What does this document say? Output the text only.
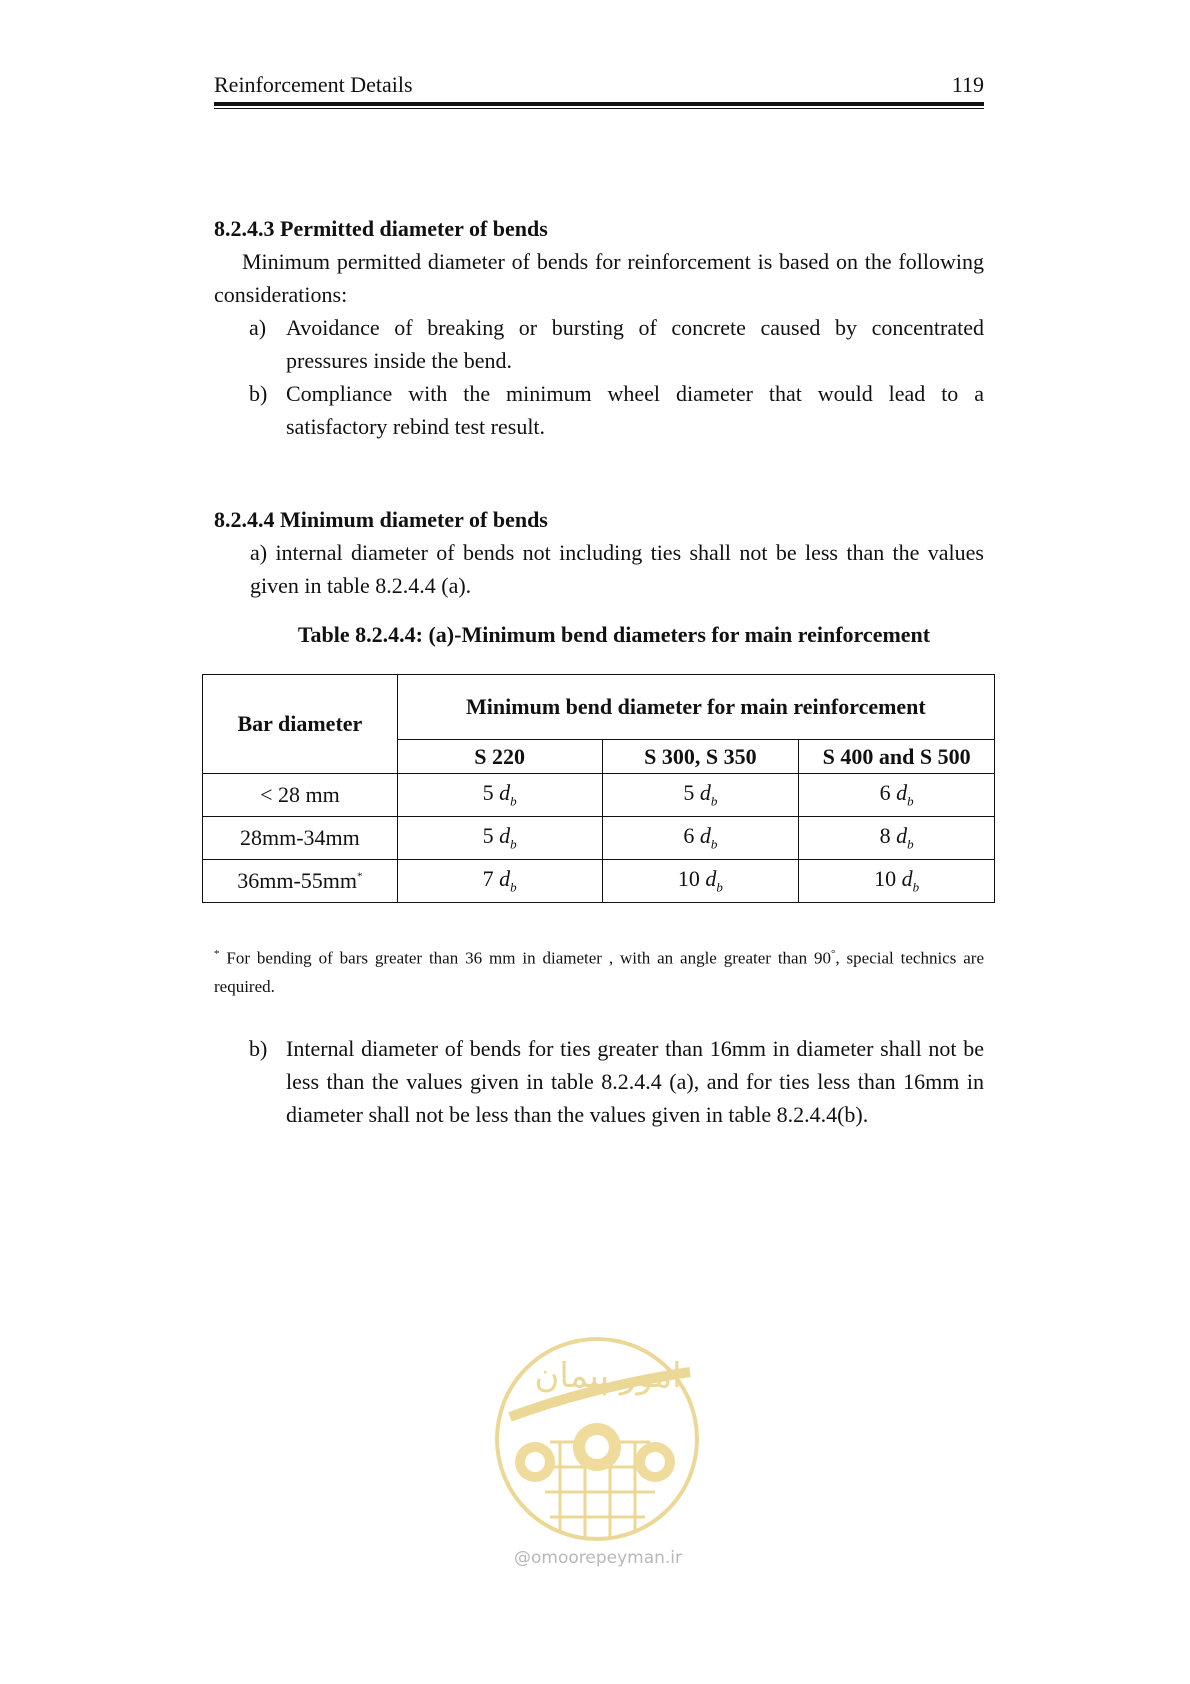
Reinforcement Details	119
8.2.4.3 Permitted diameter of bends
Minimum permitted diameter of bends for reinforcement is based on the following considerations:
a) Avoidance of breaking or bursting of concrete caused by concentrated pressures inside the bend.
b) Compliance with the minimum wheel diameter that would lead to a satisfactory rebind test result.
8.2.4.4 Minimum diameter of bends
a) internal diameter of bends not including ties shall not be less than the values given in table 8.2.4.4 (a).
Table 8.2.4.4: (a)-Minimum bend diameters for main reinforcement
Bar diameter	Minimum bend diameter for main reinforcement		
	S 220	S 300, S 350	S 400 and S 500
< 28 mm	5 $d_b$	5 $d_b$	6 $d_b$
28mm-34mm	5 $d_b$	6 $d_b$	8 $d_b$
36mm-55mm*	7 $d_b$	10 $d_b$	10 $d_b$
* For bending of bars greater than 36 mm in diameter , with an angle greater than 90°, special technics are required.
b) Internal diameter of bends for ties greater than 16mm in diameter shall not be less than the values given in table 8.2.4.4 (a), and for ties less than 16mm in diameter shall not be less than the values given in table 8.2.4.4(b).
امور پیمان
@omoorepeyman.ir
